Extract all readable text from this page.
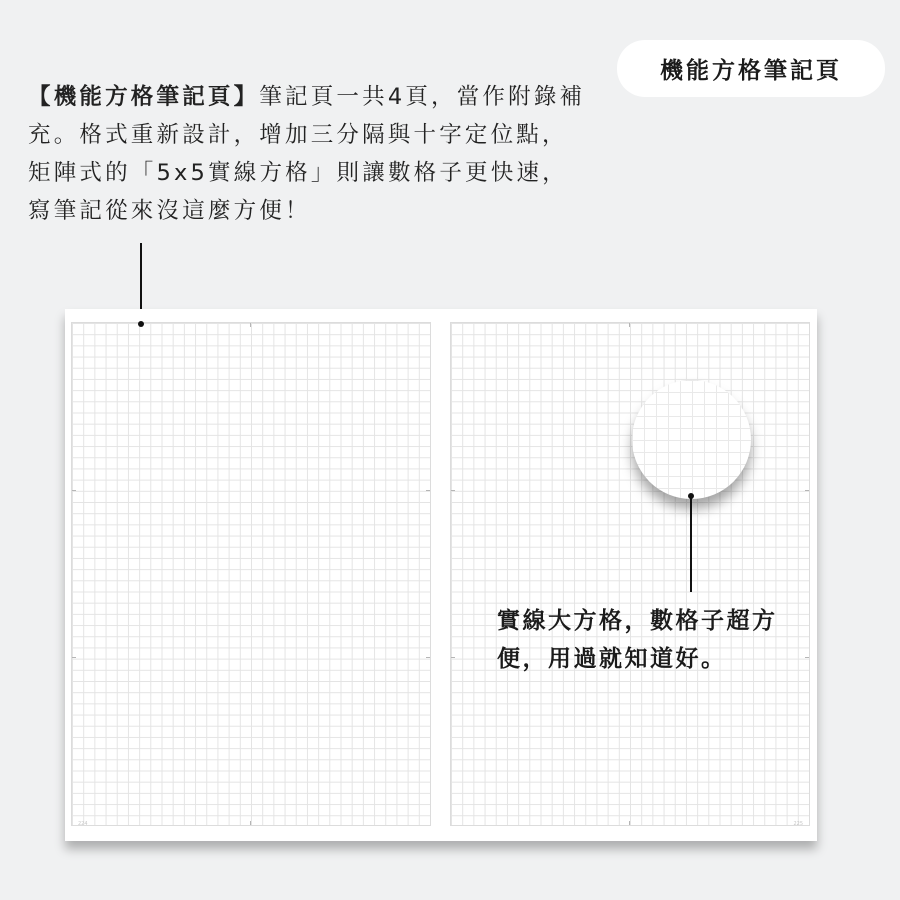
機能方格筆記頁
【機能方格筆記頁】筆記頁一共4頁，當作附錄補充。格式重新設計，增加三分隔與十字定位點，矩陣式的「5x5實線方格」則讓數格子更快速，寫筆記從來沒這麼方便！
224	225
實線大方格，數格子超方便，用過就知道好。
